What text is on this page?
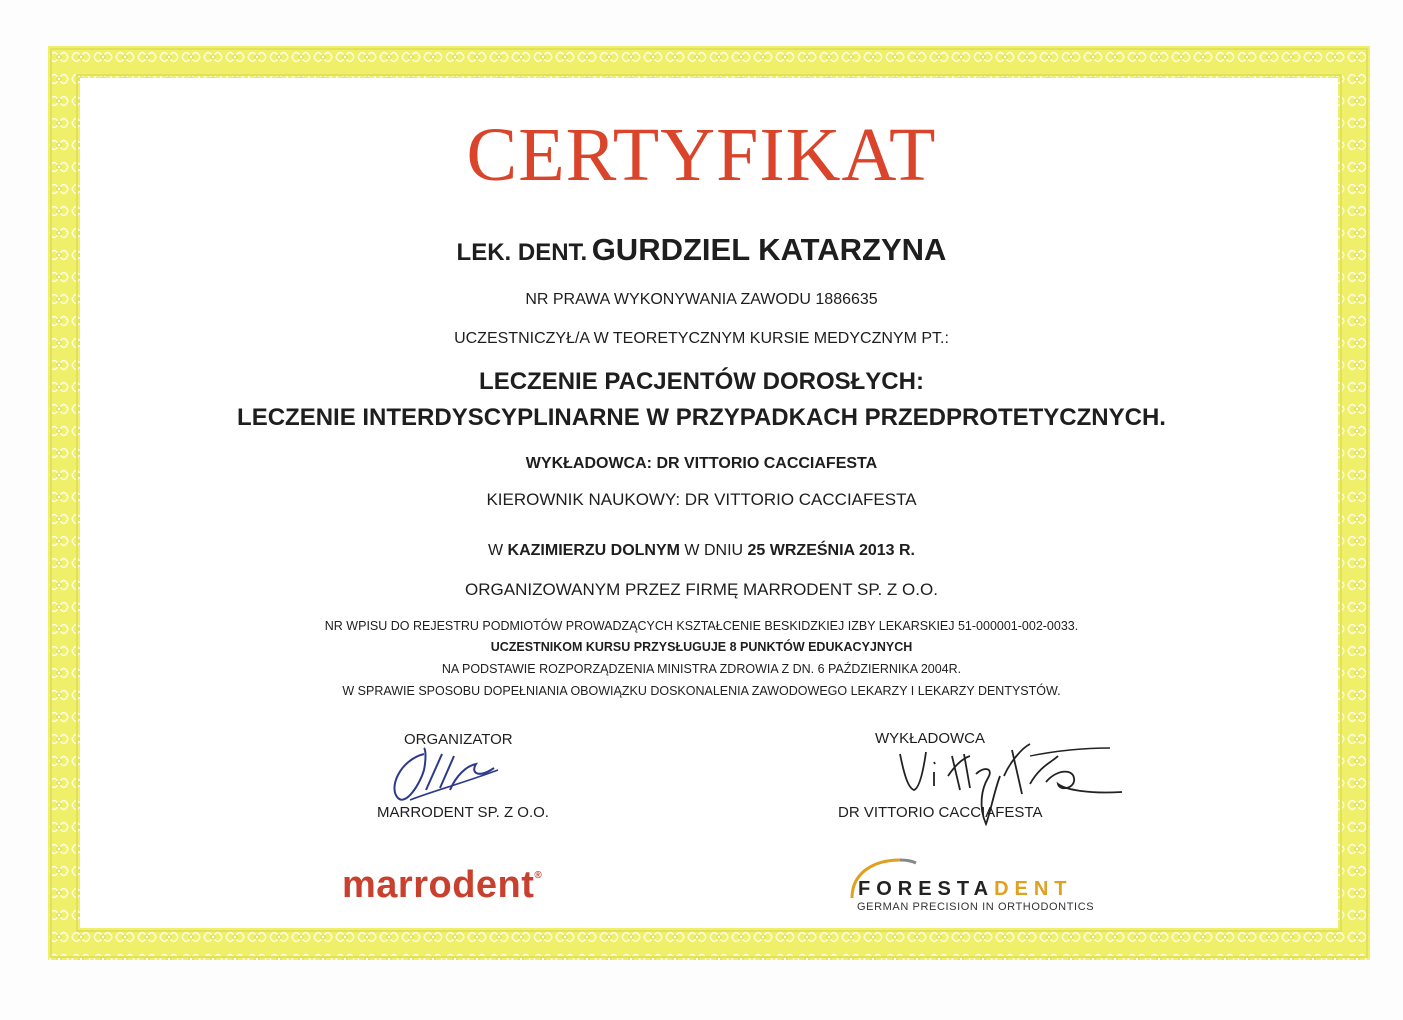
CERTYFIKAT
LEK. DENT. GURDZIEL KATARZYNA
NR PRAWA WYKONYWANIA ZAWODU 1886635
UCZESTNICZYŁ/A W TEORETYCZNYM KURSIE MEDYCZNYM PT.:
LECZENIE PACJENTÓW DOROSŁYCH:
LECZENIE INTERDYSCYPLINARNE W PRZYPADKACH PRZEDPROTETYCZNYCH.
WYKŁADOWCA: DR VITTORIO CACCIAFESTA
KIEROWNIK NAUKOWY: DR VITTORIO CACCIAFESTA
W KAZIMIERZU DOLNYM W DNIU 25 WRZEŚNIA 2013 R.
ORGANIZOWANYM PRZEZ FIRMĘ MARRODENT SP. Z O.O.
NR WPISU DO REJESTRU PODMIOTÓW PROWADZĄCYCH KSZTAŁCENIE BESKIDZKIEJ IZBY LEKARSKIEJ 51-000001-002-0033.
UCZESTNIKOM KURSU PRZYSŁUGUJE 8 PUNKTÓW EDUKACYJNYCH
NA PODSTAWIE ROZPORZĄDZENIA MINISTRA ZDROWIA Z DN. 6 PAŹDZIERNIKA 2004R.
W SPRAWIE SPOSOBU DOPEŁNIANIA OBOWIĄZKU DOSKONALENIA ZAWODOWEGO LEKARZY I LEKARZY DENTYSTÓW.
ORGANIZATOR
MARRODENT SP. Z O.O.
WYKŁADOWCA
DR VITTORIO CACCIAFESTA
marrodent®
FORESTADENT
GERMAN PRECISION IN ORTHODONTICS
